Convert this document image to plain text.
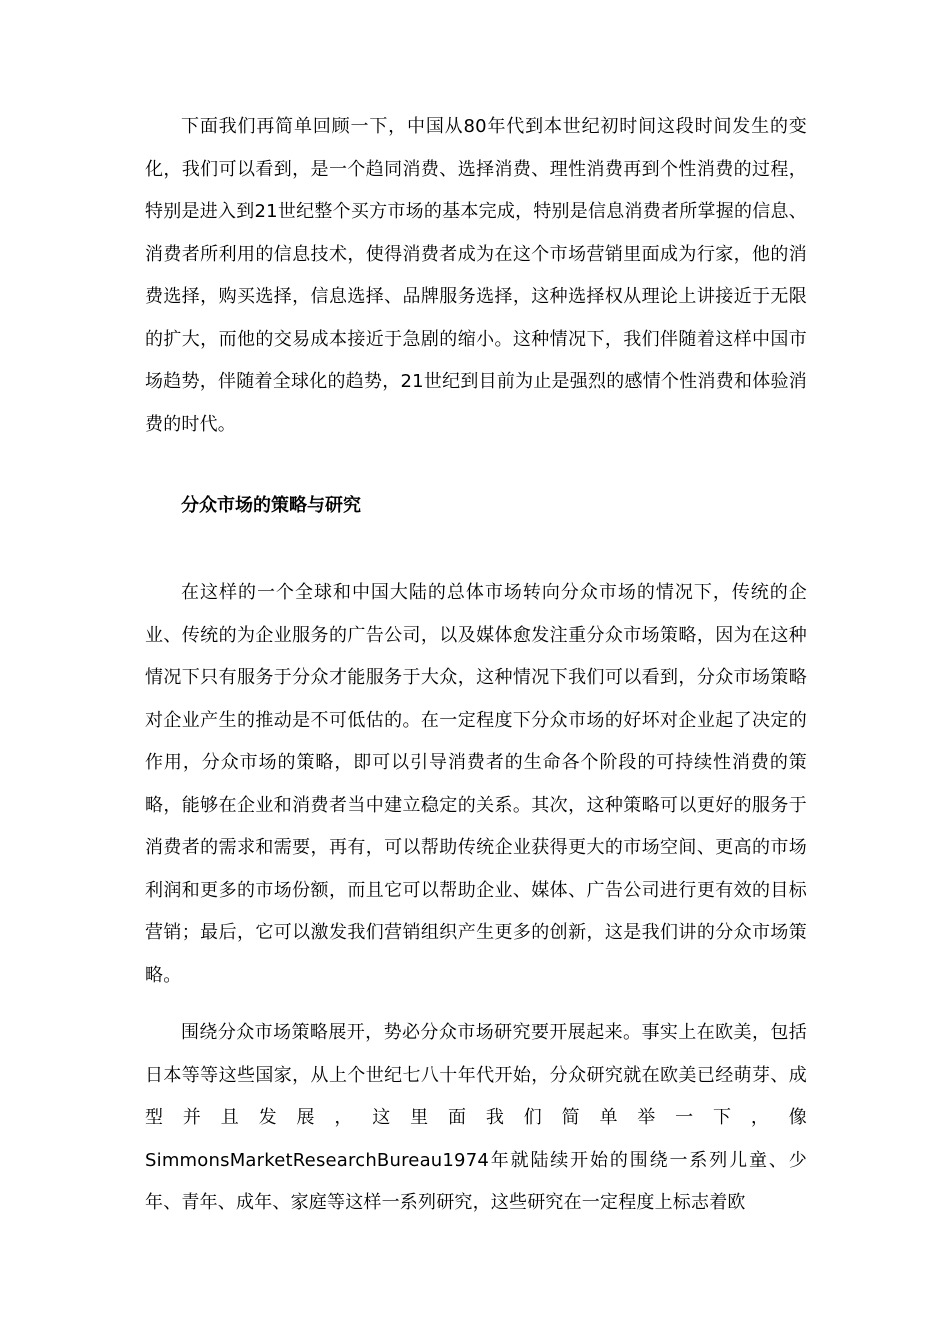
下面我们再简单回顾一下，中国从80年代到本世纪初时间这段时间发生的变化，我们可以看到，是一个趋同消费、选择消费、理性消费再到个性消费的过程，特别是进入到21世纪整个买方市场的基本完成，特别是信息消费者所掌握的信息、消费者所利用的信息技术，使得消费者成为在这个市场营销里面成为行家，他的消费选择，购买选择，信息选择、品牌服务选择，这种选择权从理论上讲接近于无限的扩大，而他的交易成本接近于急剧的缩小。这种情况下，我们伴随着这样中国市场趋势，伴随着全球化的趋势，21世纪到目前为止是强烈的感情个性消费和体验消费的时代。

分众市场的策略与研究

在这样的一个全球和中国大陆的总体市场转向分众市场的情况下，传统的企业、传统的为企业服务的广告公司，以及媒体愈发注重分众市场策略，因为在这种情况下只有服务于分众才能服务于大众，这种情况下我们可以看到，分众市场策略对企业产生的推动是不可低估的。在一定程度下分众市场的好坏对企业起了决定的作用，分众市场的策略，即可以引导消费者的生命各个阶段的可持续性消费的策略，能够在企业和消费者当中建立稳定的关系。其次，这种策略可以更好的服务于消费者的需求和需要，再有，可以帮助传统企业获得更大的市场空间、更高的市场利润和更多的市场份额，而且它可以帮助企业、媒体、广告公司进行更有效的目标营销；最后，它可以激发我们营销组织产生更多的创新，这是我们讲的分众市场策略。

围绕分众市场策略展开，势必分众市场研究要开展起来。事实上在欧美，包括日本等等这些国家，从上个世纪七八十年代开始，分众研究就在欧美已经萌芽、成型并且发展，这里面我们简单举一下，像SimmonsMarketResearchBureau1974年就陆续开始的围绕一系列儿童、少年、青年、成年、家庭等这样一系列研究，这些研究在一定程度上标志着欧
